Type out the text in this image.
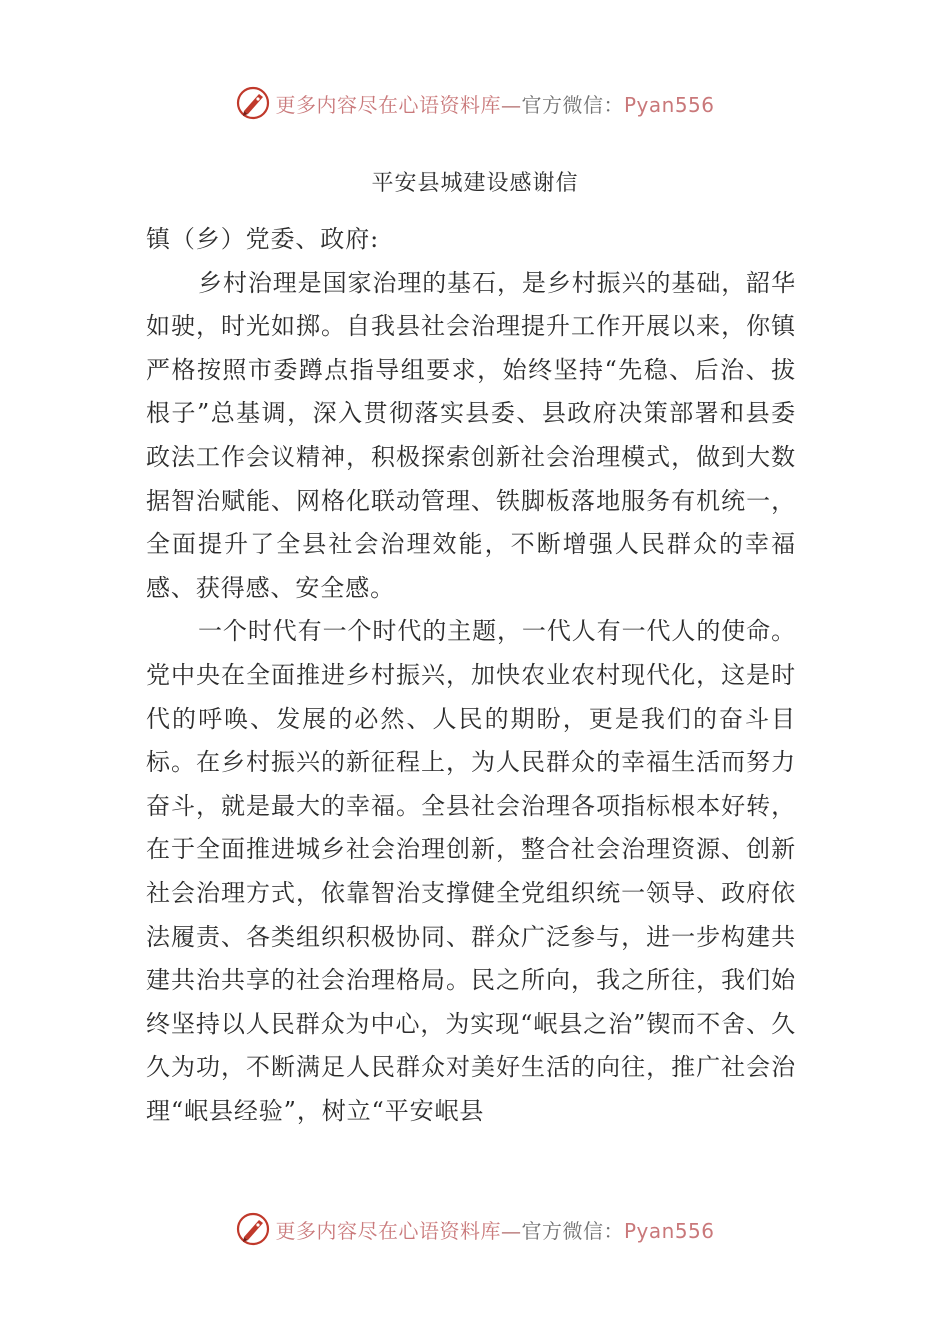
更多内容尽在心语资料库—官方微信：Pyan556
平安县城建设感谢信

镇（乡）党委、政府:

乡村治理是国家治理的基石，是乡村振兴的基础，韶华如驶，时光如掷。自我县社会治理提升工作开展以来，你镇严格按照市委蹲点指导组要求，始终坚持“先稳、后治、拔根子”总基调，深入贯彻落实县委、县政府决策部署和县委政法工作会议精神，积极探索创新社会治理模式，做到大数据智治赋能、网格化联动管理、铁脚板落地服务有机统一，全面提升了全县社会治理效能，不断增强人民群众的幸福感、获得感、安全感。

一个时代有一个时代的主题，一代人有一代人的使命。党中央在全面推进乡村振兴，加快农业农村现代化，这是时代的呼唤、发展的必然、人民的期盼，更是我们的奋斗目标。在乡村振兴的新征程上，为人民群众的幸福生活而努力奋斗，就是最大的幸福。全县社会治理各项指标根本好转，在于全面推进城乡社会治理创新，整合社会治理资源、创新社会治理方式，依靠智治支撑健全党组织统一领导、政府依法履责、各类组织积极协同、群众广泛参与，进一步构建共建共治共享的社会治理格局。民之所向，我之所往，我们始终坚持以人民群众为中心，为实现“岷县之治”锲而不舍、久久为功，不断满足人民群众对美好生活的向往，推广社会治理“岷县经验”，树立“平安岷县

更多内容尽在心语资料库—官方微信：Pyan556
